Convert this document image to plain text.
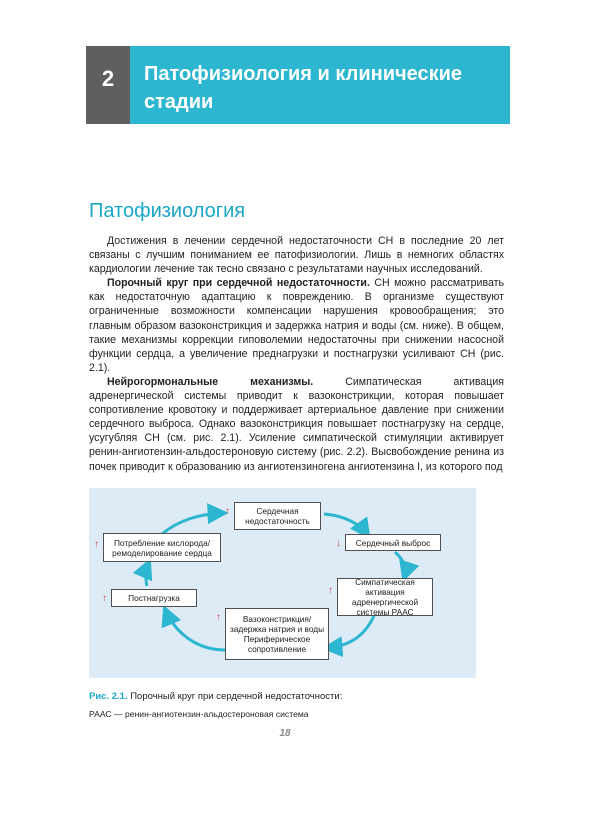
2	Патофизиология и клинические
стадии
Патофизиология

Достижения в лечении сердечной недостаточности СН в последние 20 лет связаны с лучшим пониманием ее патофизиологии. Лишь в немногих областях кардиологии лечение так тесно связано с результатами научных исследований.

Порочный круг при сердечной недостаточности. СН можно рассматривать как недостаточную адаптацию к повреждению. В организме существуют ограниченные возможности компенсации нарушения кровообращения; это главным образом вазоконстрикция и задержка натрия и воды (см. ниже). В общем, такие механизмы коррекции гиповолемии недостаточны при снижении насосной функции сердца, а увеличение преднагрузки и постнагрузки усиливают СН (рис. 2.1).

Нейрогормональные механизмы. Симпатическая активация адренергической системы приводит к вазоконстрикции, которая повышает сопротивление кровотоку и поддерживает артериальное давление при снижении сердечного выброса. Однако вазоконстрикция повышает постнагрузку на сердце, усугубляя СН (см. рис. 2.1). Усиление симпатической стимуляции активирует ренин-ангиотензин-альдостероновую систему (рис. 2.2). Высвобождение ренина из почек приводит к образованию из ангиотензиногена ангиотензина I, из которого под

↑	Сердечная недостаточность
↓	Сердечный выброс
↑
Симпатическая активация адренергической системы РААС
↑	Вазоконстрикция/
задержка натрия и воды
Периферическое
сопротивление
↑	Постнагрузка
↑ Потребление кислорода/
ремоделирование сердца
Рис. 2.1. Порочный круг при сердечной недостаточности:
РААС — ренин-ангиотензин-альдостероновая система
18
